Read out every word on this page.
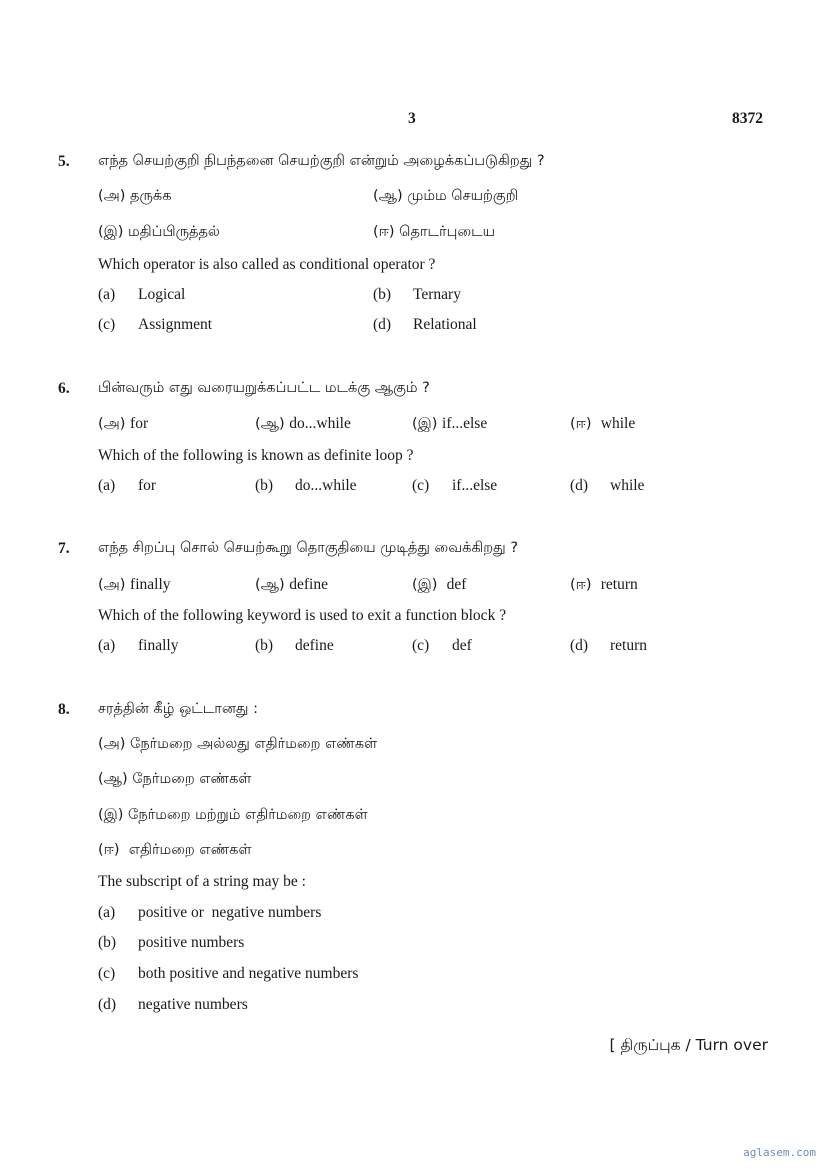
3	8372
5. எந்த செயற்குறி நிபந்தனை செயற்குறி என்றும் அழைக்கப்படுகிறது ?
(அ) தருக்க	(ஆ) மும்ம செயற்குறி
(இ) மதிப்பிருத்தல்	(ஈ) தொடர்புடைய
Which operator is also called as conditional operator ?
(a) Logical	(b) Ternary
(c) Assignment	(d) Relational
6. பின்வரும் எது வரையறுக்கப்பட்ட மடக்கு ஆகும் ?
(அ) for	(ஆ) do...while	(இ) if...else	(ஈ) while
Which of the following is known as definite loop ?
(a) for	(b) do...while	(c) if...else	(d) while
7. எந்த சிறப்பு சொல் செயற்கூறு தொகுதியை முடித்து வைக்கிறது ?
(அ) finally	(ஆ) define	(இ) def	(ஈ) return
Which of the following keyword is used to exit a function block ?
(a) finally	(b) define	(c) def	(d) return
8. சரத்தின் கீழ் ஒட்டானது :
(அ) நேர்மறை அல்லது எதிர்மறை எண்கள்
(ஆ) நேர்மறை எண்கள்
(இ) நேர்மறை மற்றும் எதிர்மறை எண்கள்
(ஈ) எதிர்மறை எண்கள்
The subscript of a string may be :
(a) positive or  negative numbers
(b) positive numbers
(c) both positive and negative numbers
(d) negative numbers
[ திருப்புக / Turn over
aglasem.com
